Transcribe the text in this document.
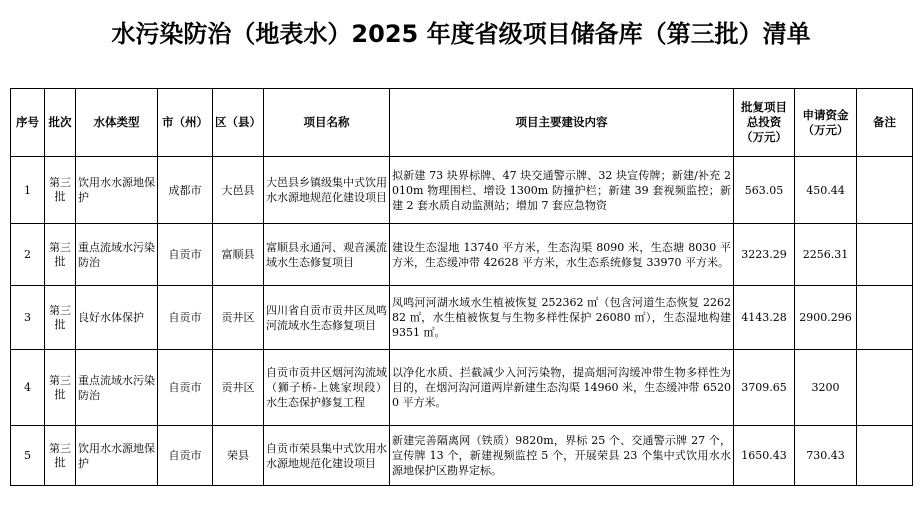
水污染防治（地表水）2025 年度省级项目储备库（第三批）清单
序号	批次	水体类型	市（州）	区（县）	项目名称	项目主要建设内容	批复项目总投资（万元）	申请资金（万元）	备注
1	第三批	饮用水水源地保护	成都市	大邑县	大邑县乡镇级集中式饮用水水源地规范化建设项目	拟新建 73 块界标牌、47 块交通警示牌、32 块宣传牌；新建/补充 2010m 物理围栏、增设 1300m 防撞护栏；新建 39 套视频监控；新建 2 套水质自动监测站；增加 7 套应急物资	563.05	450.44	
2	第三批	重点流域水污染防治	自贡市	富顺县	富顺县永通河、观音溪流域水生态修复项目	建设生态湿地 13740 平方米，生态沟渠 8090 米，生态塘 8030 平方米，生态缓冲带 42628 平方米，水生态系统修复 33970 平方米。	3223.29	2256.31	
3	第三批	良好水体保护	自贡市	贡井区	四川省自贡市贡井区凤鸣河流域水生态修复项目	凤鸣河河湖水域水生植被恢复 252362 ㎡（包含河道生态恢复 226282 ㎡，水生植被恢复与生物多样性保护 26080 ㎡），生态湿地构建 9351 ㎡。	4143.28	2900.296	
4	第三批	重点流域水污染防治	自贡市	贡井区	自贡市贡井区烟河沟流域（狮子桥-上姚家坝段）水生态保护修复工程	以净化水质、拦截减少入河污染物，提高烟河沟缓冲带生物多样性为目的，在烟河沟河道两岸新建生态沟渠 14960 米，生态缓冲带 65200 平方米。	3709.65	3200	
5	第三批	饮用水水源地保护	自贡市	荣县	自贡市荣县集中式饮用水水源地规范化建设项目	新建完善隔离网（铁质）9820m，界标 25 个、交通警示牌 27 个，宣传牌 13 个，新建视频监控 5 个，开展荣县 23 个集中式饮用水水源地保护区勘界定标。	1650.43	730.43	
